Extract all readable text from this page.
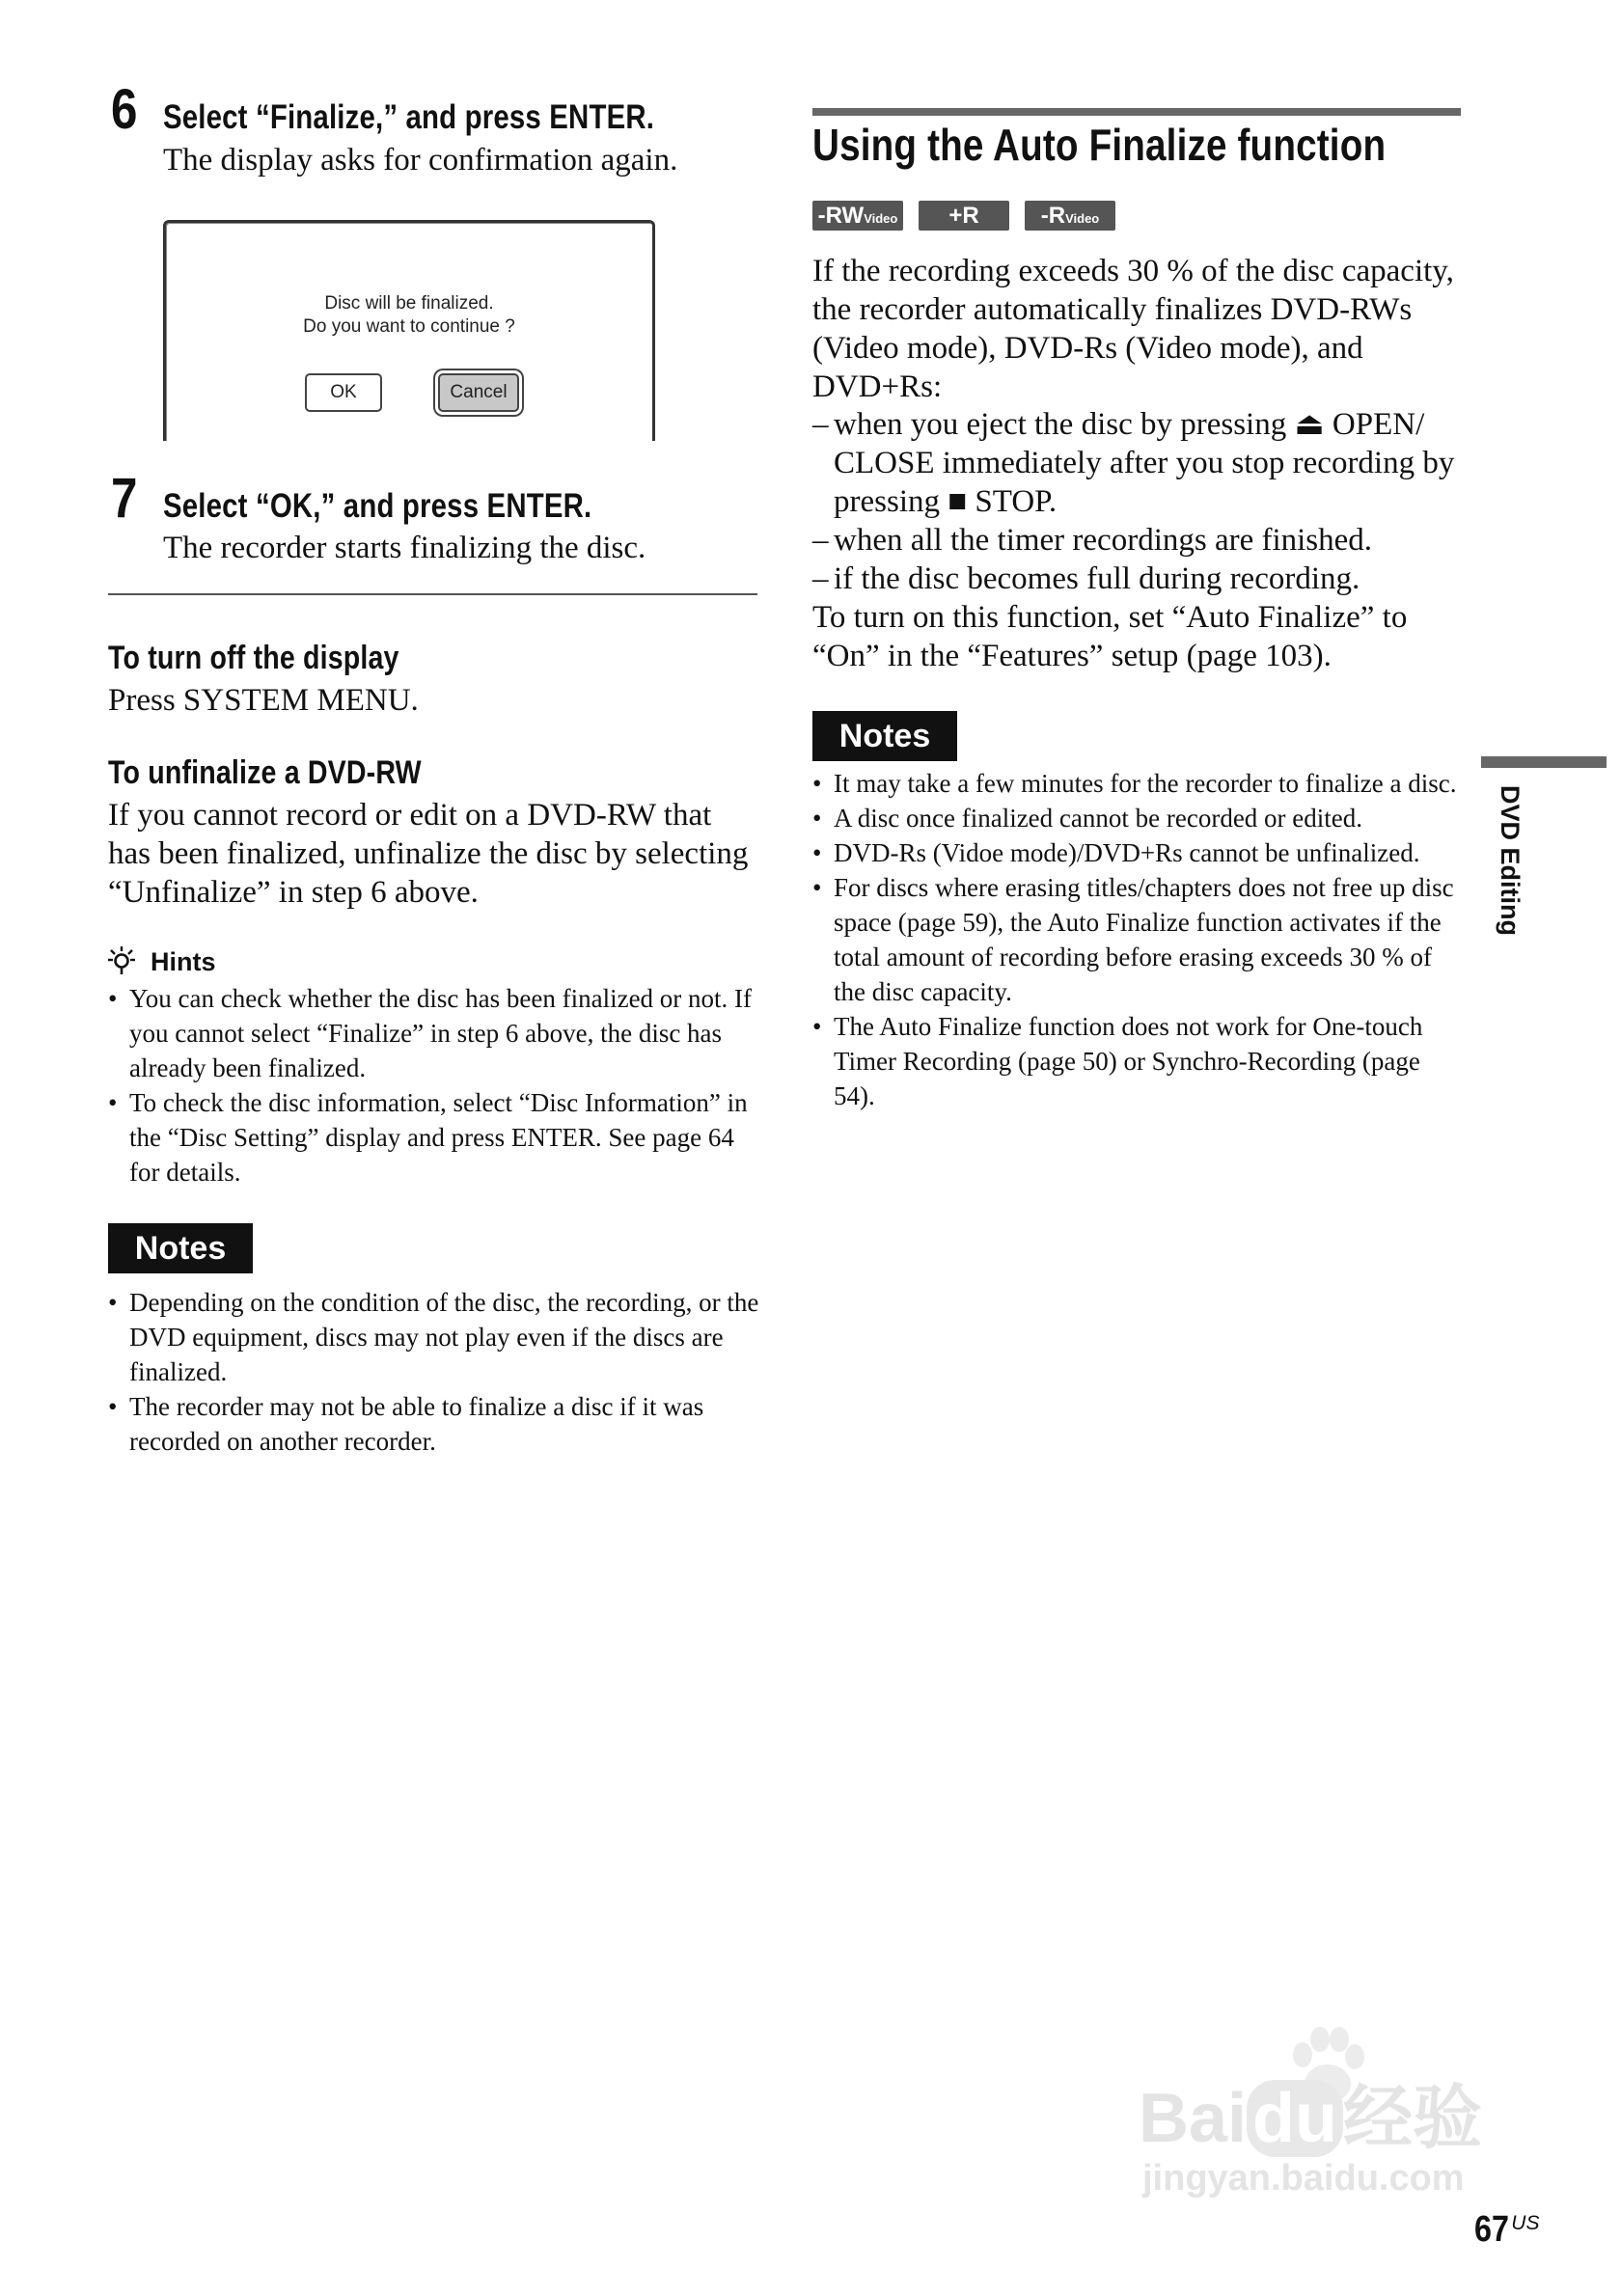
6 Select “Finalize,” and press ENTER.
The display asks for confirmation again.
Disc will be finalized.
Do you want to continue ?
OK	Cancel
7 Select “OK,” and press ENTER.
The recorder starts finalizing the disc.
To turn off the display
Press SYSTEM MENU.
To unfinalize a DVD-RW
If you cannot record or edit on a DVD-RW that has been finalized, unfinalize the disc by selecting “Unfinalize” in step 6 above.
Hints
• You can check whether the disc has been finalized or not. If you cannot select “Finalize” in step 6 above, the disc has already been finalized.
• To check the disc information, select “Disc Information” in the “Disc Setting” display and press ENTER. See page 64 for details.
Notes
• Depending on the condition of the disc, the recording, or the DVD equipment, discs may not play even if the discs are finalized.
• The recorder may not be able to finalize a disc if it was recorded on another recorder.
Using the Auto Finalize function
-RWVideo	+R	-RVideo
If the recording exceeds 30 % of the disc capacity, the recorder automatically finalizes DVD-RWs (Video mode), DVD-Rs (Video mode), and DVD+Rs:
– when you eject the disc by pressing ⏏ OPEN/ CLOSE immediately after you stop recording by pressing ■ STOP.
– when all the timer recordings are finished.
– if the disc becomes full during recording.
To turn on this function, set “Auto Finalize” to “On” in the “Features” setup (page 103).
Notes
• It may take a few minutes for the recorder to finalize a disc.
• A disc once finalized cannot be recorded or edited.
• DVD-Rs (Vidoe mode)/DVD+Rs cannot be unfinalized.
• For discs where erasing titles/chapters does not free up disc space (page 59), the Auto Finalize function activates if the total amount of recording before erasing exceeds 30 % of the disc capacity.
• The Auto Finalize function does not work for One-touch Timer Recording (page 50) or Synchro-Recording (page 54).
DVD Editing
Baidu经验
jingyan.baidu.com
67 US
